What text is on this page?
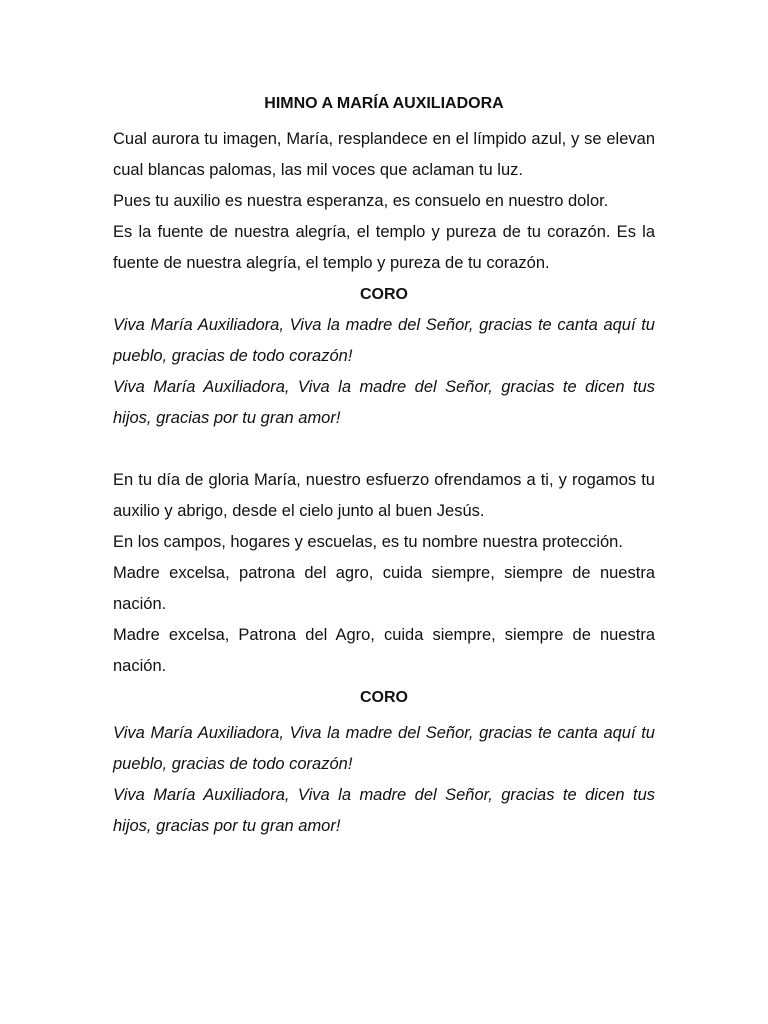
HIMNO A MARÍA AUXILIADORA

Cual aurora tu imagen, María, resplandece en el límpido azul, y se elevan cual blancas palomas, las mil voces que aclaman tu luz.

Pues tu auxilio es nuestra esperanza, es consuelo en nuestro dolor.

Es la fuente de nuestra alegría, el templo y pureza de tu corazón. Es la fuente de nuestra alegría, el templo y pureza de tu corazón.

CORO

Viva María Auxiliadora, Viva la madre del Señor, gracias te canta aquí tu pueblo, gracias de todo corazón!

Viva María Auxiliadora, Viva la madre del Señor, gracias te dicen tus hijos, gracias por tu gran amor!

En tu día de gloria María, nuestro esfuerzo ofrendamos a ti, y rogamos tu auxilio y abrigo, desde el cielo junto al buen Jesús.

En los campos, hogares y escuelas, es tu nombre nuestra protección.

Madre excelsa, patrona del agro, cuida siempre, siempre de nuestra nación.

Madre excelsa, Patrona del Agro, cuida siempre, siempre de nuestra nación.

CORO

Viva María Auxiliadora, Viva la madre del Señor, gracias te canta aquí tu pueblo, gracias de todo corazón!

Viva María Auxiliadora, Viva la madre del Señor, gracias te dicen tus hijos, gracias por tu gran amor!
